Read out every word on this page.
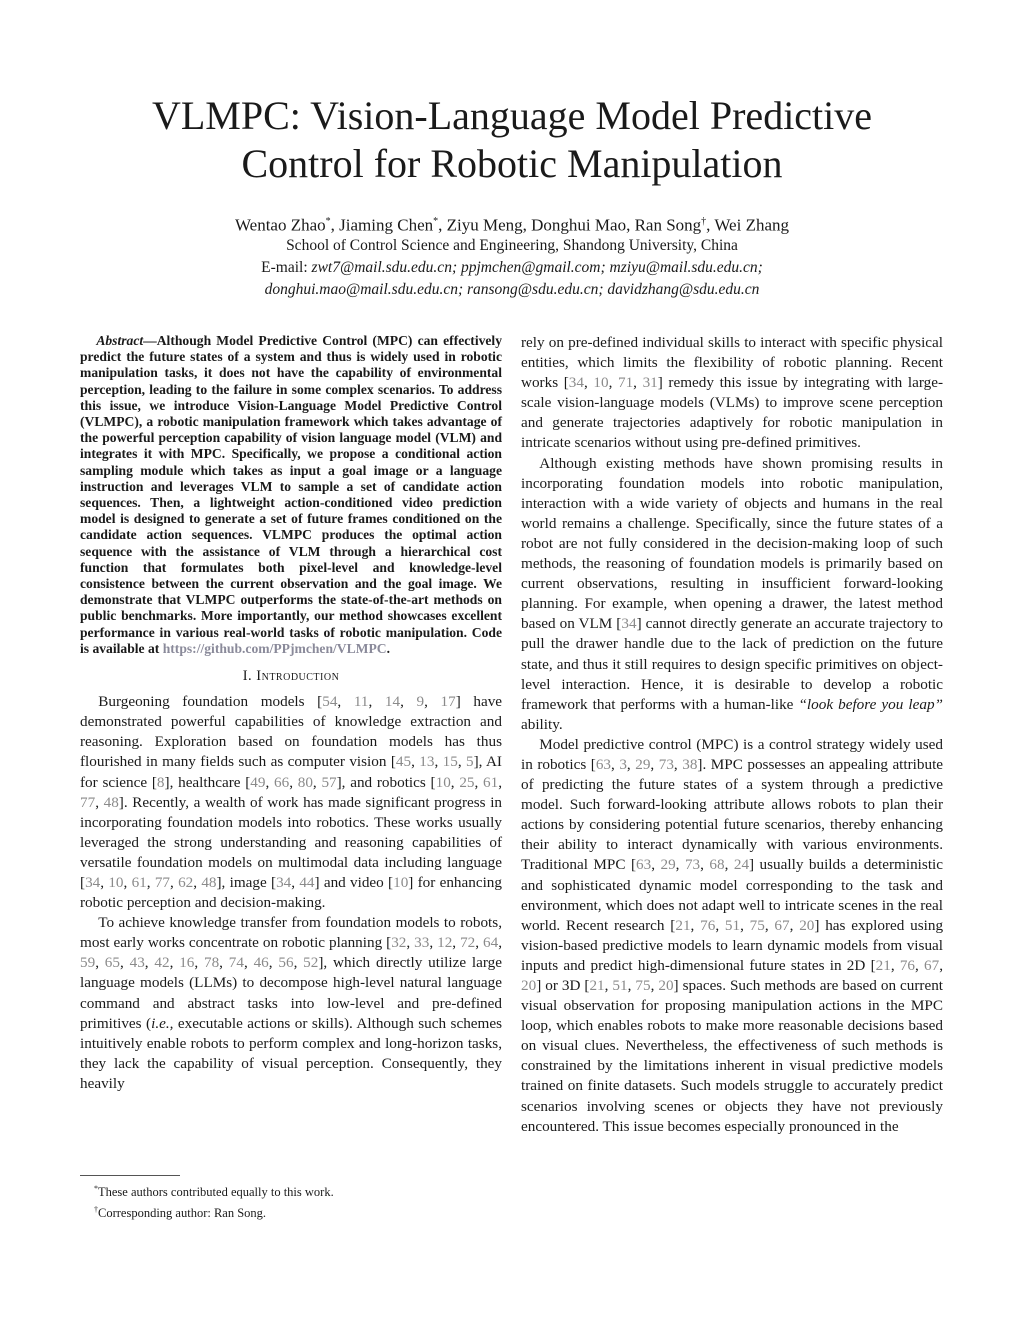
VLMPC: Vision-Language Model Predictive
Control for Robotic Manipulation
Wentao Zhao*, Jiaming Chen*, Ziyu Meng, Donghui Mao, Ran Song†, Wei Zhang
School of Control Science and Engineering, Shandong University, China
E-mail: zwt7@mail.sdu.edu.cn; ppjmchen@gmail.com; mziyu@mail.sdu.edu.cn;
donghui.mao@mail.sdu.edu.cn; ransong@sdu.edu.cn; davidzhang@sdu.edu.cn

Abstract—Although Model Predictive Control (MPC) can effectively predict the future states of a system and thus is widely used in robotic manipulation tasks, it does not have the capability of environmental perception, leading to the failure in some complex scenarios. To address this issue, we introduce Vision-Language Model Predictive Control (VLMPC), a robotic manipulation framework which takes advantage of the powerful perception capability of vision language model (VLM) and integrates it with MPC. Specifically, we propose a conditional action sampling module which takes as input a goal image or a language instruction and leverages VLM to sample a set of candidate action sequences. Then, a lightweight action-conditioned video prediction model is designed to generate a set of future frames conditioned on the candidate action sequences. VLMPC produces the optimal action sequence with the assistance of VLM through a hierarchical cost function that formulates both pixel-level and knowledge-level consistence between the current observation and the goal image. We demonstrate that VLMPC outperforms the state-of-the-art methods on public benchmarks. More importantly, our method showcases excellent performance in various real-world tasks of robotic manipulation. Code is available at https://github.com/PPjmchen/VLMPC.

I. Introduction

Burgeoning foundation models [54, 11, 14, 9, 17] have demonstrated powerful capabilities of knowledge extraction and reasoning. Exploration based on foundation models has thus flourished in many fields such as computer vision [45, 13, 15, 5], AI for science [8], healthcare [49, 66, 80, 57], and robotics [10, 25, 61, 77, 48]. Recently, a wealth of work has made significant progress in incorporating foundation models into robotics. These works usually leveraged the strong understanding and reasoning capabilities of versatile foundation models on multimodal data including language [34, 10, 61, 77, 62, 48], image [34, 44] and video [10] for enhancing robotic perception and decision-making.

To achieve knowledge transfer from foundation models to robots, most early works concentrate on robotic planning [32, 33, 12, 72, 64, 59, 65, 43, 42, 16, 78, 74, 46, 56, 52], which directly utilize large language models (LLMs) to decompose high-level natural language command and abstract tasks into low-level and pre-defined primitives (i.e., executable actions or skills). Although such schemes intuitively enable robots to perform complex and long-horizon tasks, they lack the capability of visual perception. Consequently, they heavily

rely on pre-defined individual skills to interact with specific physical entities, which limits the flexibility of robotic planning. Recent works [34, 10, 71, 31] remedy this issue by integrating with large-scale vision-language models (VLMs) to improve scene perception and generate trajectories adaptively for robotic manipulation in intricate scenarios without using pre-defined primitives.

Although existing methods have shown promising results in incorporating foundation models into robotic manipulation, interaction with a wide variety of objects and humans in the real world remains a challenge. Specifically, since the future states of a robot are not fully considered in the decision-making loop of such methods, the reasoning of foundation models is primarily based on current observations, resulting in insufficient forward-looking planning. For example, when opening a drawer, the latest method based on VLM [34] cannot directly generate an accurate trajectory to pull the drawer handle due to the lack of prediction on the future state, and thus it still requires to design specific primitives on object-level interaction. Hence, it is desirable to develop a robotic framework that performs with a human-like “look before you leap” ability.

Model predictive control (MPC) is a control strategy widely used in robotics [63, 3, 29, 73, 38]. MPC possesses an appealing attribute of predicting the future states of a system through a predictive model. Such forward-looking attribute allows robots to plan their actions by considering potential future scenarios, thereby enhancing their ability to interact dynamically with various environments. Traditional MPC [63, 29, 73, 68, 24] usually builds a deterministic and sophisticated dynamic model corresponding to the task and environment, which does not adapt well to intricate scenes in the real world. Recent research [21, 76, 51, 75, 67, 20] has explored using vision-based predictive models to learn dynamic models from visual inputs and predict high-dimensional future states in 2D [21, 76, 67, 20] or 3D [21, 51, 75, 20] spaces. Such methods are based on current visual observation for proposing manipulation actions in the MPC loop, which enables robots to make more reasonable decisions based on visual clues. Nevertheless, the effectiveness of such methods is constrained by the limitations inherent in visual predictive models trained on finite datasets. Such models struggle to accurately predict scenarios involving scenes or objects they have not previously encountered. This issue becomes especially pronounced in the

*These authors contributed equally to this work.
†Corresponding author: Ran Song.
